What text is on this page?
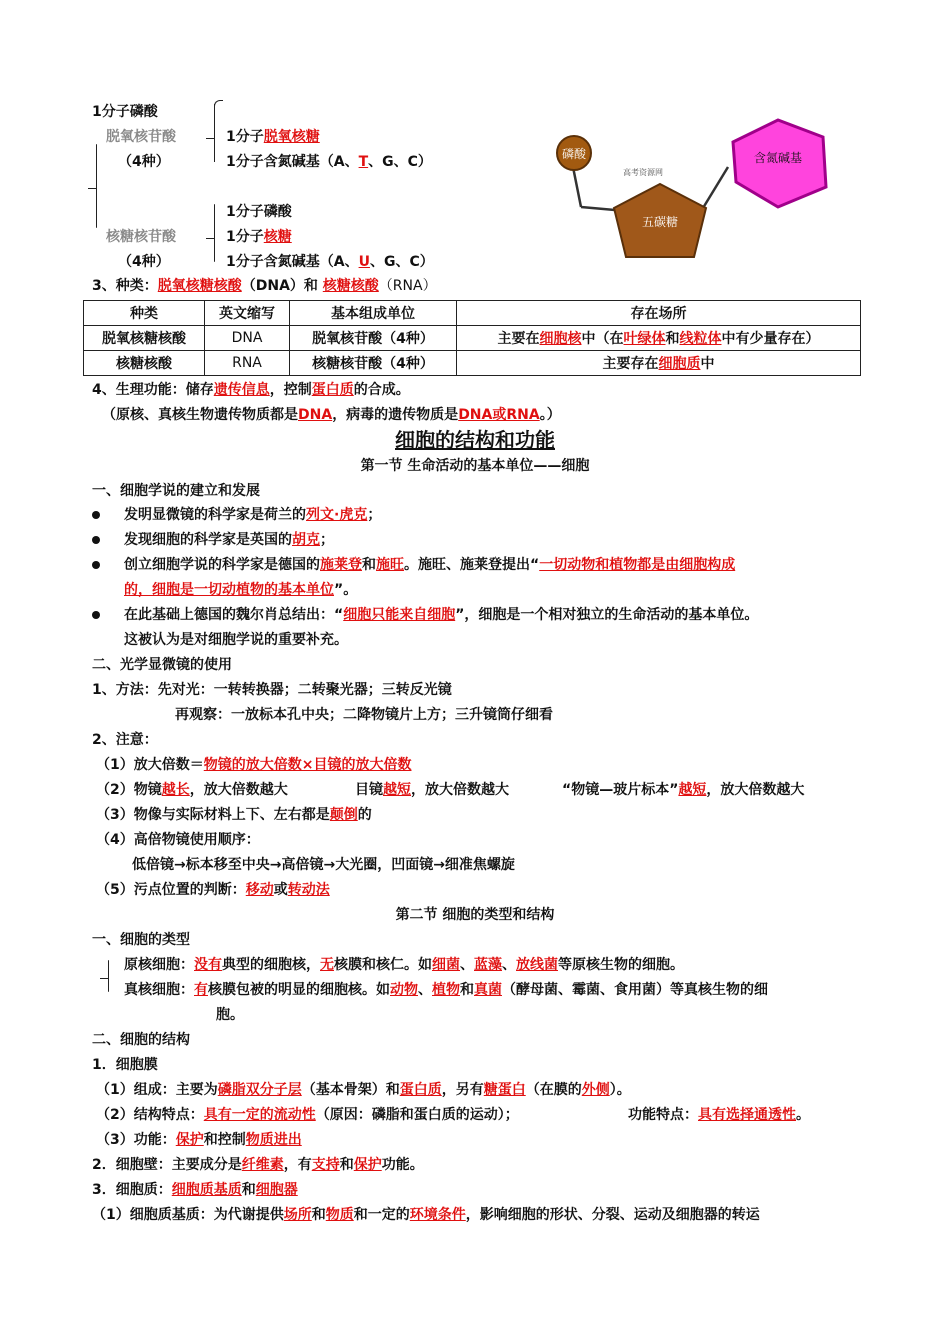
1分子磷酸
脱氧核苷酸
（4种）
1分子脱氧核糖
1分子含氮碱基（A、T、G、C）
1分子磷酸
核糖核苷酸	1分子核糖
（4种）	1分子含氮碱基（A、U、G、C）
磷酸	含氮碱基
五碳糖
高考资源网
3、种类：脱氧核糖核酸（DNA）和 核糖核酸（RNA）
种类	英文缩写	基本组成单位	存在场所
脱氧核糖核酸	DNA	脱氧核苷酸（4种）	主要在细胞核中（在叶绿体和线粒体中有少量存在）
核糖核酸	RNA	核糖核苷酸（4种）	主要存在细胞质中
4、生理功能：储存遗传信息，控制蛋白质的合成。
（原核、真核生物遗传物质都是DNA，病毒的遗传物质是DNA或RNA。）
细胞的结构和功能
第一节 生命活动的基本单位——细胞
一、细胞学说的建立和发展
发明显微镜的科学家是荷兰的列文·虎克；
发现细胞的科学家是英国的胡克；
创立细胞学说的科学家是德国的施莱登和施旺。施旺、施莱登提出“一切动物和植物都是由细胞构成
的，细胞是一切动植物的基本单位”。
在此基础上德国的魏尔肖总结出：“细胞只能来自细胞”，细胞是一个相对独立的生命活动的基本单位。
这被认为是对细胞学说的重要补充。
二、光学显微镜的使用
1、方法：先对光：一转转换器；二转聚光器；三转反光镜
再观察：一放标本孔中央；二降物镜片上方；三升镜筒仔细看
2、注意：
（1）放大倍数＝物镜的放大倍数×目镜的放大倍数
（2）物镜越长，放大倍数越大	目镜越短，放大倍数越大	“物镜—玻片标本”越短，放大倍数越大
（3）物像与实际材料上下、左右都是颠倒的
（4）高倍物镜使用顺序：
低倍镜→标本移至中央→高倍镜→大光圈，凹面镜→细准焦螺旋
（5）污点位置的判断：移动或转动法
第二节 细胞的类型和结构
一、细胞的类型
原核细胞：没有典型的细胞核，无核膜和核仁。如细菌、蓝藻、放线菌等原核生物的细胞。
真核细胞：有核膜包被的明显的细胞核。如动物、植物和真菌（酵母菌、霉菌、食用菌）等真核生物的细
胞。
二、细胞的结构
1．细胞膜
（1）组成：主要为磷脂双分子层（基本骨架）和蛋白质，另有糖蛋白（在膜的外侧）。
（2）结构特点：具有一定的流动性（原因：磷脂和蛋白质的运动）；	功能特点：具有选择通透性。
（3）功能：保护和控制物质进出
2．细胞壁：主要成分是纤维素，有支持和保护功能。
3．细胞质：细胞质基质和细胞器
（1）细胞质基质：为代谢提供场所和物质和一定的环境条件，影响细胞的形状、分裂、运动及细胞器的转运
